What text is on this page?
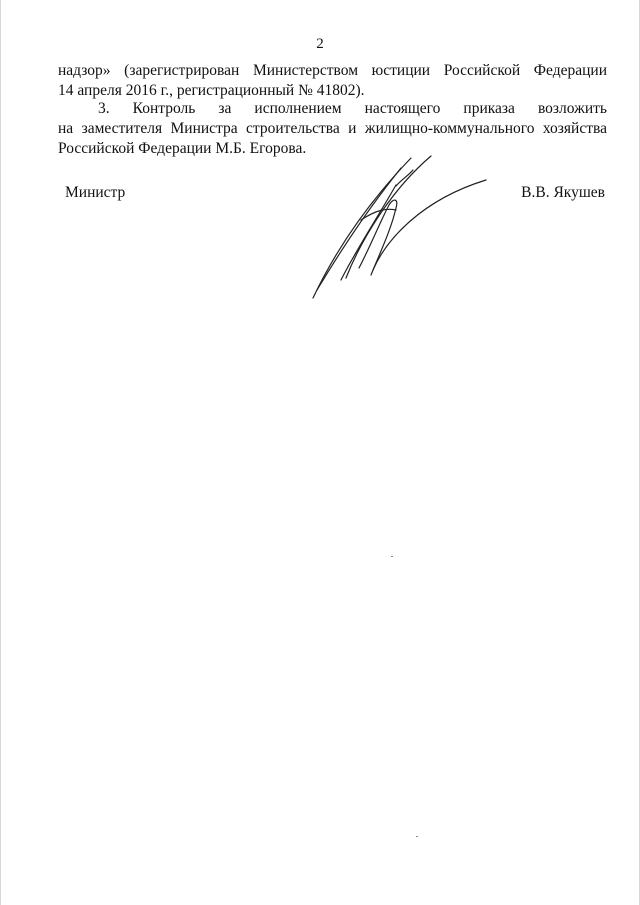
2
надзор» (зарегистрирован Министерством юстиции Российской Федерации
14 апреля 2016 г., регистрационный № 41802).
3. Контроль за исполнением настоящего приказа возложить
на заместителя Министра строительства и жилищно-коммунального хозяйства
Российской Федерации М.Б. Егорова.
Министр	В.В. Якушев
